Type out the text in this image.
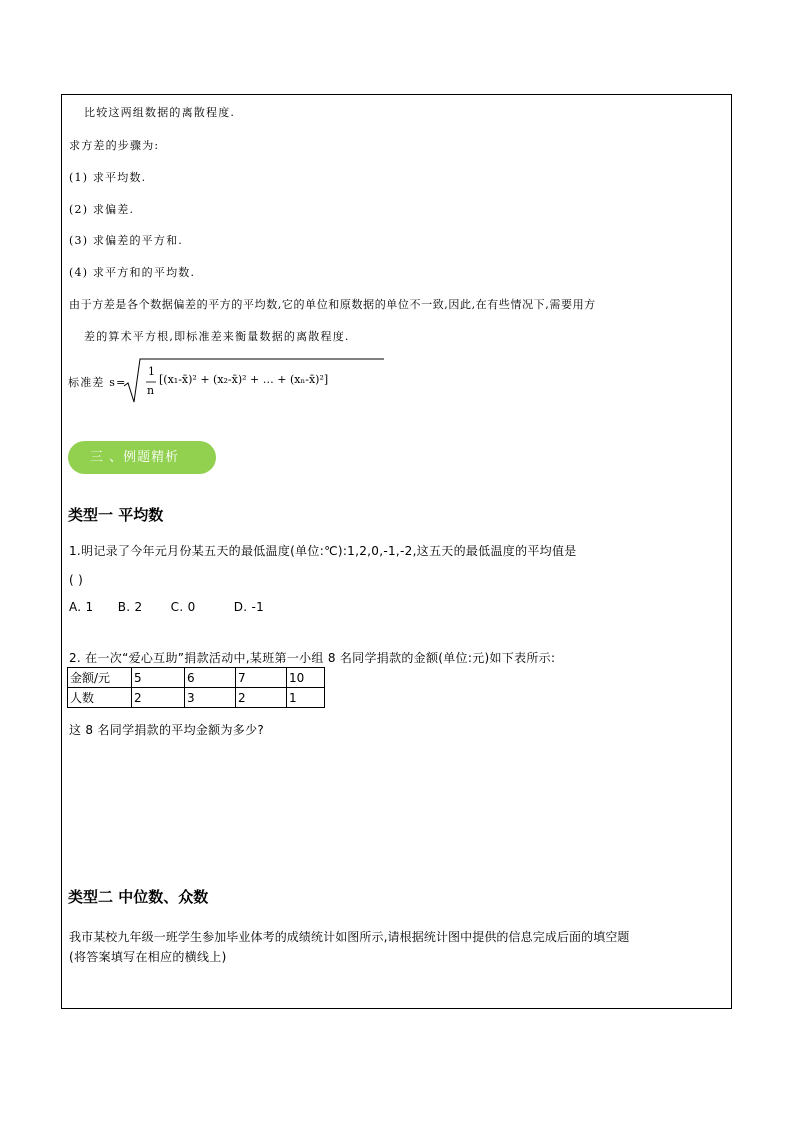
比较这两组数据的离散程度.
求方差的步骤为:
(1) 求平均数.
(2) 求偏差.
(3) 求偏差的平方和.
(4) 求平方和的平均数.
由于方差是各个数据偏差的平方的平均数,它的单位和原数据的单位不一致,因此,在有些情况下,需要用方
差的算术平方根,即标准差来衡量数据的离散程度.
标准差 s=
1
n
[(x₁-x̄)² + (x₂-x̄)² + … + (xₙ-x̄)²]
三 、例题精析
类型一 平均数
1.明记录了今年元月份某五天的最低温度(单位:℃):1,2,0,-1,-2,这五天的最低温度的平均值是
( )
A. 1 B. 2 C. 0	D. -1
2. 在一次“爱心互助”捐款活动中,某班第一小组 8 名同学捐款的金额(单位:元)如下表所示:
金额/元	5	6	7	10
人数	2	3	2	1
这 8 名同学捐款的平均金额为多少?
类型二 中位数、众数
我市某校九年级一班学生参加毕业体考的成绩统计如图所示,请根据统计图中提供的信息完成后面的填空题
(将答案填写在相应的横线上)
